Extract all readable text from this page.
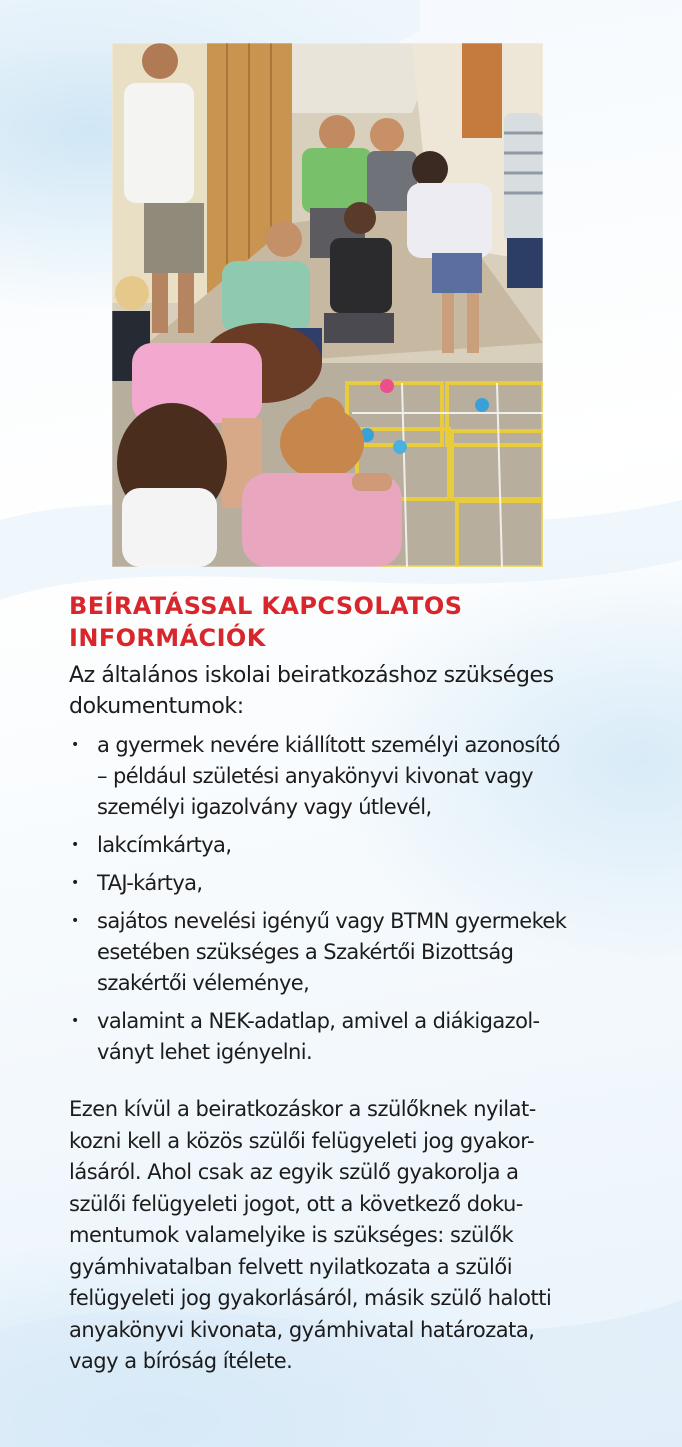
BEÍRATÁSSAL KAPCSOLATOS
INFORMÁCIÓK

Az általános iskolai beiratkozáshoz szükséges
dokumentumok:

• a gyermek nevére kiállított személyi azonosító
– például születési anyakönyvi kivonat vagy
személyi igazolvány vagy útlevél,
• lakcímkártya,
• TAJ-kártya,
• sajátos nevelési igényű vagy BTMN gyermekek
esetében szükséges a Szakértői Bizottság
szakértői véleménye,
• valamint a NEK-adatlap, amivel a diákigazol-
ványt lehet igényelni.

Ezen kívül a beiratkozáskor a szülőknek nyilat-
kozni kell a közös szülői felügyeleti jog gyakor-
lásáról. Ahol csak az egyik szülő gyakorolja a
szülői felügyeleti jogot, ott a következő doku-
mentumok valamelyike is szükséges: szülők
gyámhivatalban felvett nyilatkozata a szülői
felügyeleti jog gyakorlásáról, másik szülő halotti
anyakönyvi kivonata, gyámhivatal határozata,
vagy a bíróság ítélete.
